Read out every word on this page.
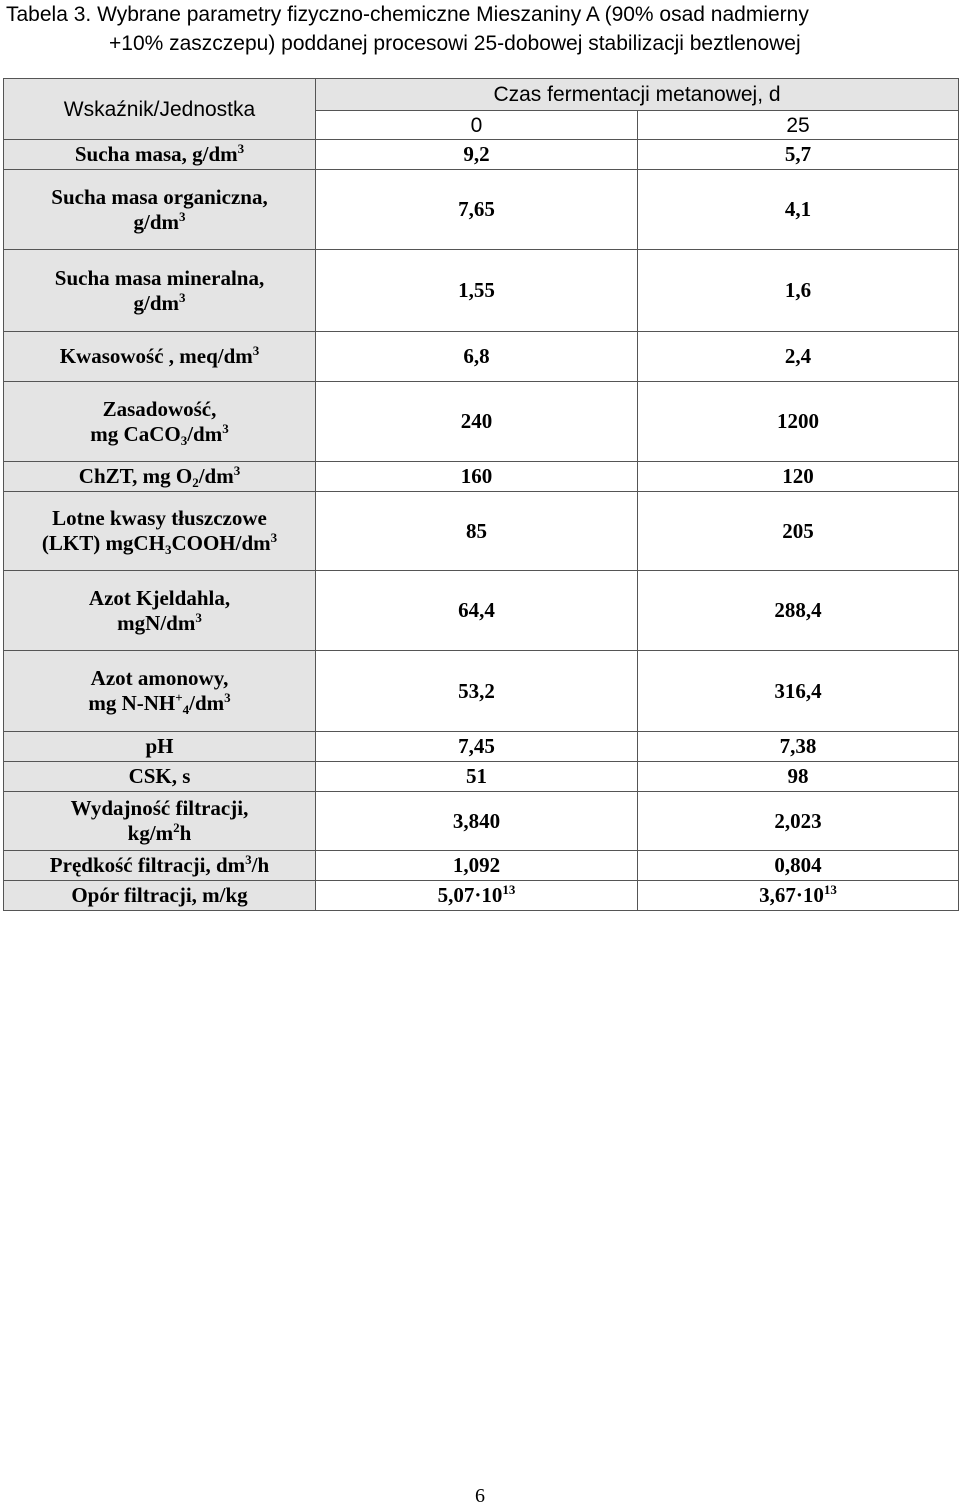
Tabela 3. Wybrane parametry fizyczno-chemiczne Mieszaniny A (90% osad nadmierny
+10% zaszczepu) poddanej procesowi 25-dobowej stabilizacji beztlenowej
Wskaźnik/Jednostka	Czas fermentacji metanowej, d	
	0	25
Sucha masa, $g/dm^3$	9,2	5,7
Sucha masa organiczna,
$g/dm^3$	7,65	4,1
Sucha masa mineralna,
$g/dm^3$	1,55	1,6
Kwasowość , meq/$dm^3$	6,8	2,4
Zasadowość,
mg $CaCO_3/dm^3$	240	1200
ChZT, mg $O_2/dm^3$	160	120
Lotne kwasy tłuszczowe
(LKT) $mgCH_3COOH/dm^3$	85	205
Azot Kjeldahla,
mgN/$dm^3$	64,4	288,4
Azot amonowy,
mg $N-NH^+_4/dm^3$	53,2	316,4
pH	7,45	7,38
CSK, s	51	98
Wydajność filtracji,
$kg/m^2h$	3,840	2,023
Prędkość filtracji, $dm^3/h$	1,092	0,804
Opór filtracji, m/kg	$5,07\cdot 10^{13}$	$3,67\cdot 10^{13}$
6
